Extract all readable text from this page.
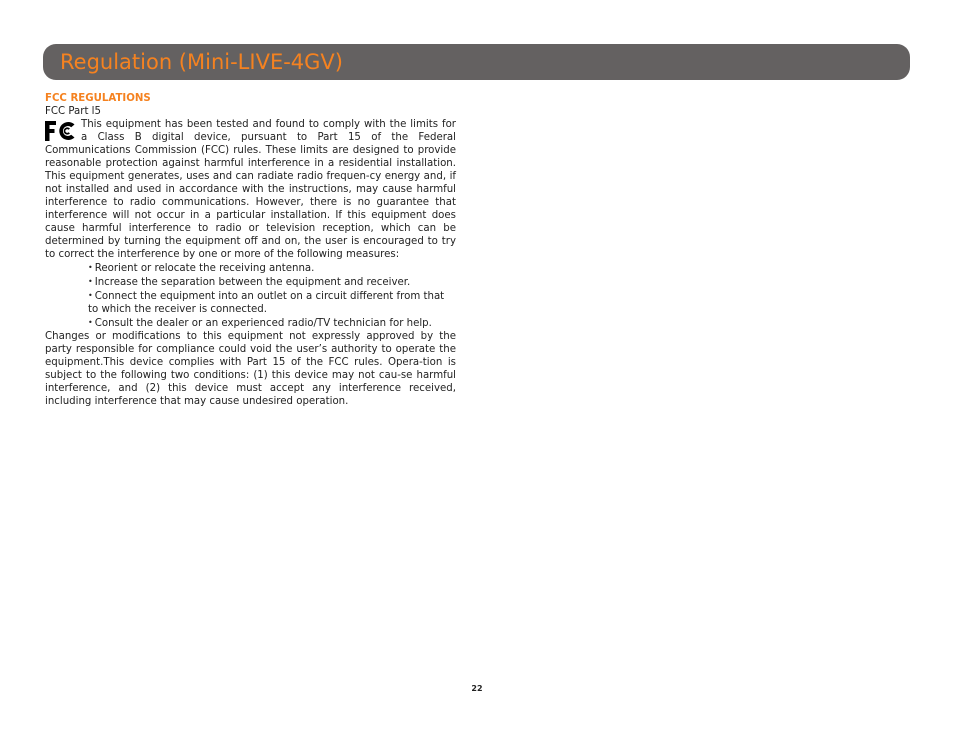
Regulation (Mini-LIVE-4GV)
FCC REGULATIONS

FCC Part l5

This equipment has been tested and found to comply with the limits for a Class B digital device, pursuant to Part 15 of the Federal Communications Commission (FCC) rules. These limits are designed to provide reasonable protection against harmful interference in a residential installation. This equipment generates, uses and can radiate radio frequen-cy energy and, if not installed and used in accordance with the instructions, may cause harmful interference to radio communications. However, there is no guarantee that interference will not occur in a particular installation. If this equipment does cause harmful interference to radio or television reception, which can be determined by turning the equipment off and on, the user is encouraged to try to correct the interference by one or more of the following measures:

• Reorient or relocate the receiving antenna.
• Increase the separation between the equipment and receiver.
• Connect the equipment into an outlet on a circuit different from that to which the receiver is connected.
• Consult the dealer or an experienced radio/TV technician for help.

Changes or modifications to this equipment not expressly approved by the party responsible for compliance could void the user’s authority to operate the equipment.This device complies with Part 15 of the FCC rules. Opera-tion is subject to the following two conditions: (1) this device may not cau-se harmful interference, and (2) this device must accept any interference received, including interference that may cause undesired operation.

22
